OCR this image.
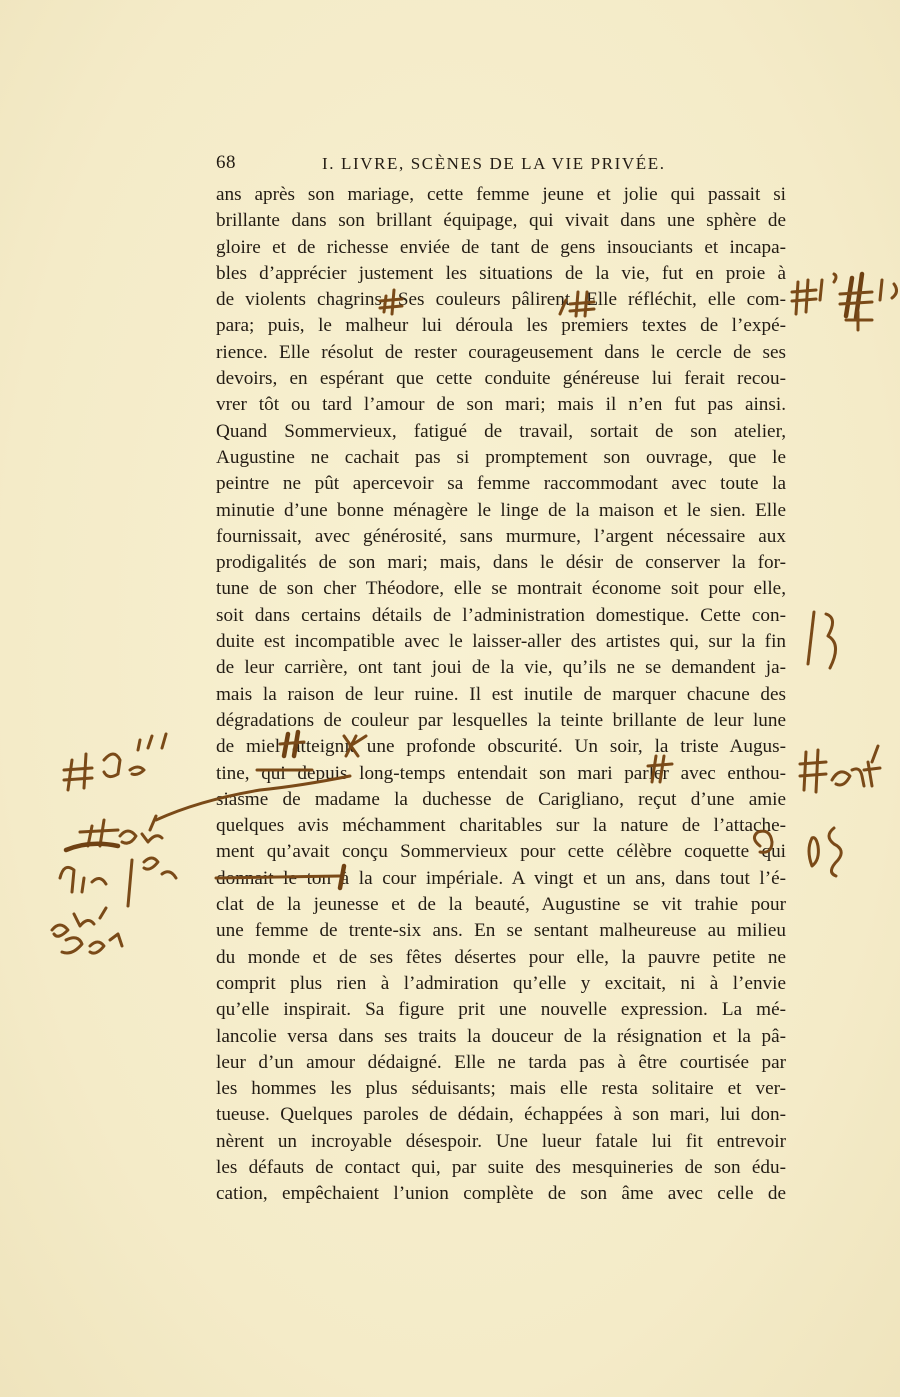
68	I. LIVRE, SCÈNES DE LA VIE PRIVÉE.
ans après son mariage, cette femme jeune et jolie qui passait si
brillante dans son brillant équipage, qui vivait dans une sphère de
gloire et de richesse enviée de tant de gens insouciants et incapa-
bles d’apprécier justement les situations de la vie, fut en proie à
de violents chagrins. Ses couleurs pâlirent. Elle réfléchit, elle com-
para; puis, le malheur lui déroula les premiers textes de l’expé-
rience. Elle résolut de rester courageusement dans le cercle de ses
devoirs, en espérant que cette conduite généreuse lui ferait recou-
vrer tôt ou tard l’amour de son mari; mais il n’en fut pas ainsi.
Quand Sommervieux, fatigué de travail, sortait de son atelier,
Augustine ne cachait pas si promptement son ouvrage, que le
peintre ne pût apercevoir sa femme raccommodant avec toute la
minutie d’une bonne ménagère le linge de la maison et le sien. Elle
fournissait, avec générosité, sans murmure, l’argent nécessaire aux
prodigalités de son mari; mais, dans le désir de conserver la for-
tune de son cher Théodore, elle se montrait économe soit pour elle,
soit dans certains détails de l’administration domestique. Cette con-
duite est incompatible avec le laisser-aller des artistes qui, sur la fin
de leur carrière, ont tant joui de la vie, qu’ils ne se demandent ja-
mais la raison de leur ruine. Il est inutile de marquer chacune des
dégradations de couleur par lesquelles la teinte brillante de leur lune
de miel atteignit une profonde obscurité. Un soir, la triste Augus-
tine, qui depuis long-temps entendait son mari parler avec enthou-
siasme de madame la duchesse de Carigliano, reçut d’une amie
quelques avis méchamment charitables sur la nature de l’attache-
ment qu’avait conçu Sommervieux pour cette célèbre coquette qui
donnait le ton à la cour impériale. A vingt et un ans, dans tout l’é-
clat de la jeunesse et de la beauté, Augustine se vit trahie pour
une femme de trente-six ans. En se sentant malheureuse au milieu
du monde et de ses fêtes désertes pour elle, la pauvre petite ne
comprit plus rien à l’admiration qu’elle y excitait, ni à l’envie
qu’elle inspirait. Sa figure prit une nouvelle expression. La mé-
lancolie versa dans ses traits la douceur de la résignation et la pâ-
leur d’un amour dédaigné. Elle ne tarda pas à être courtisée par
les hommes les plus séduisants; mais elle resta solitaire et ver-
tueuse. Quelques paroles de dédain, échappées à son mari, lui don-
nèrent un incroyable désespoir. Une lueur fatale lui fit entrevoir
les défauts de contact qui, par suite des mesquineries de son édu-
cation, empêchaient l’union complète de son âme avec celle de
